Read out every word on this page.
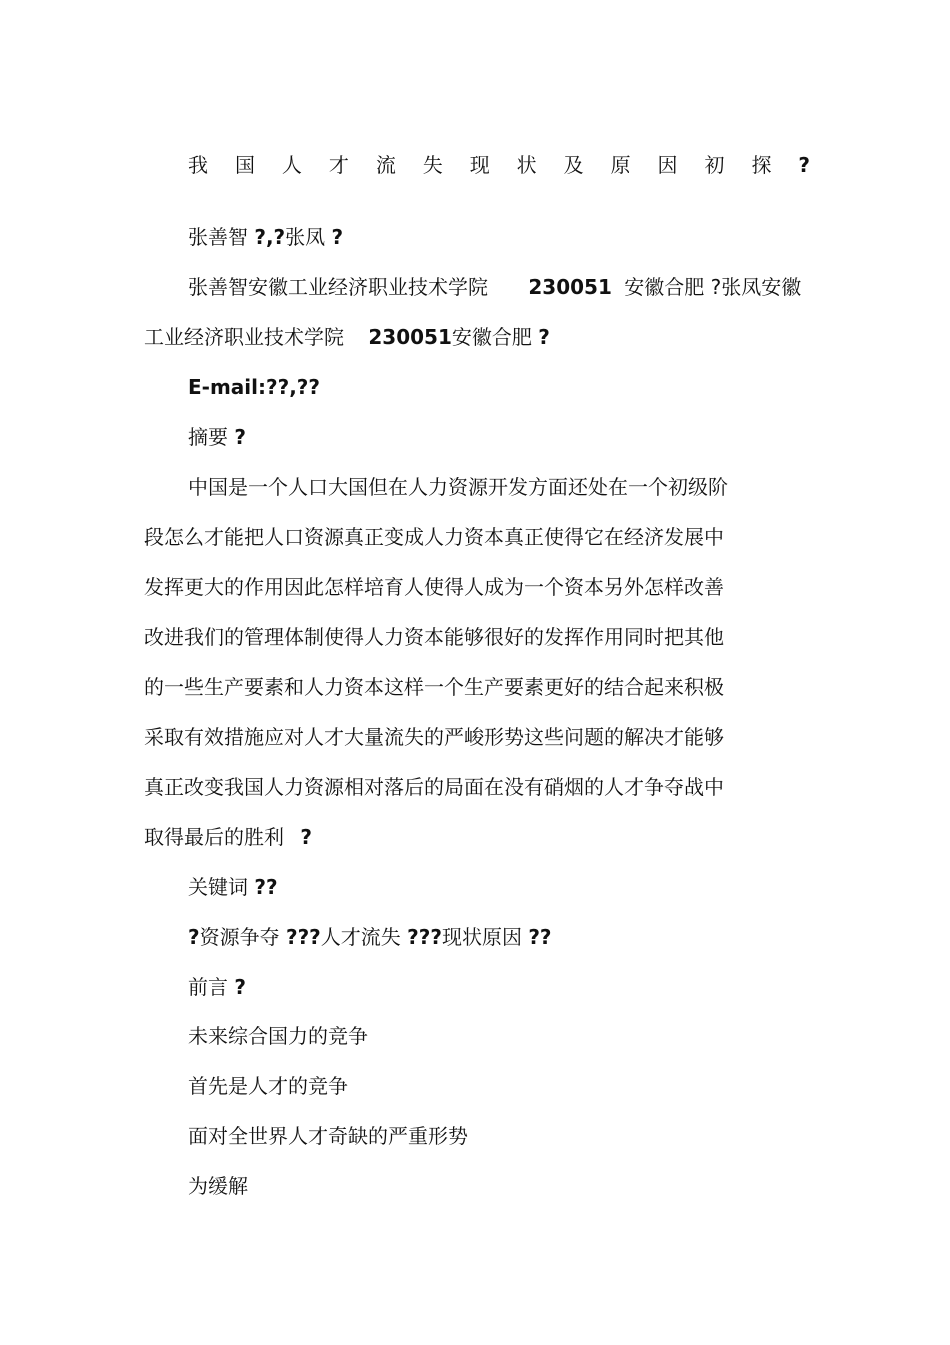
我 国 人 才 流 失 现 状 及 原 因 初 探 ?
张善智 ?,?张凤 ?
张善智安徽工业经济职业技术学院 230051 安徽合肥 ?张凤安徽
工业经济职业技术学院 230051安徽合肥 ?
E-mail:??,??
摘要 ?
中国是一个人口大国但在人力资源开发方面还处在一个初级阶
段怎么才能把人口资源真正变成人力资本真正使得它在经济发展中
发挥更大的作用因此怎样培育人使得人成为一个资本另外怎样改善
改进我们的管理体制使得人力资本能够很好的发挥作用同时把其他
的一些生产要素和人力资本这样一个生产要素更好的结合起来积极
采取有效措施应对人才大量流失的严峻形势这些问题的解决才能够
真正改变我国人力资源相对落后的局面在没有硝烟的人才争夺战中
取得最后的胜利 ?
关键词 ??
?资源争夺 ???人才流失 ???现状原因 ??
前言 ?
未来综合国力的竞争
首先是人才的竞争
面对全世界人才奇缺的严重形势
为缓解
